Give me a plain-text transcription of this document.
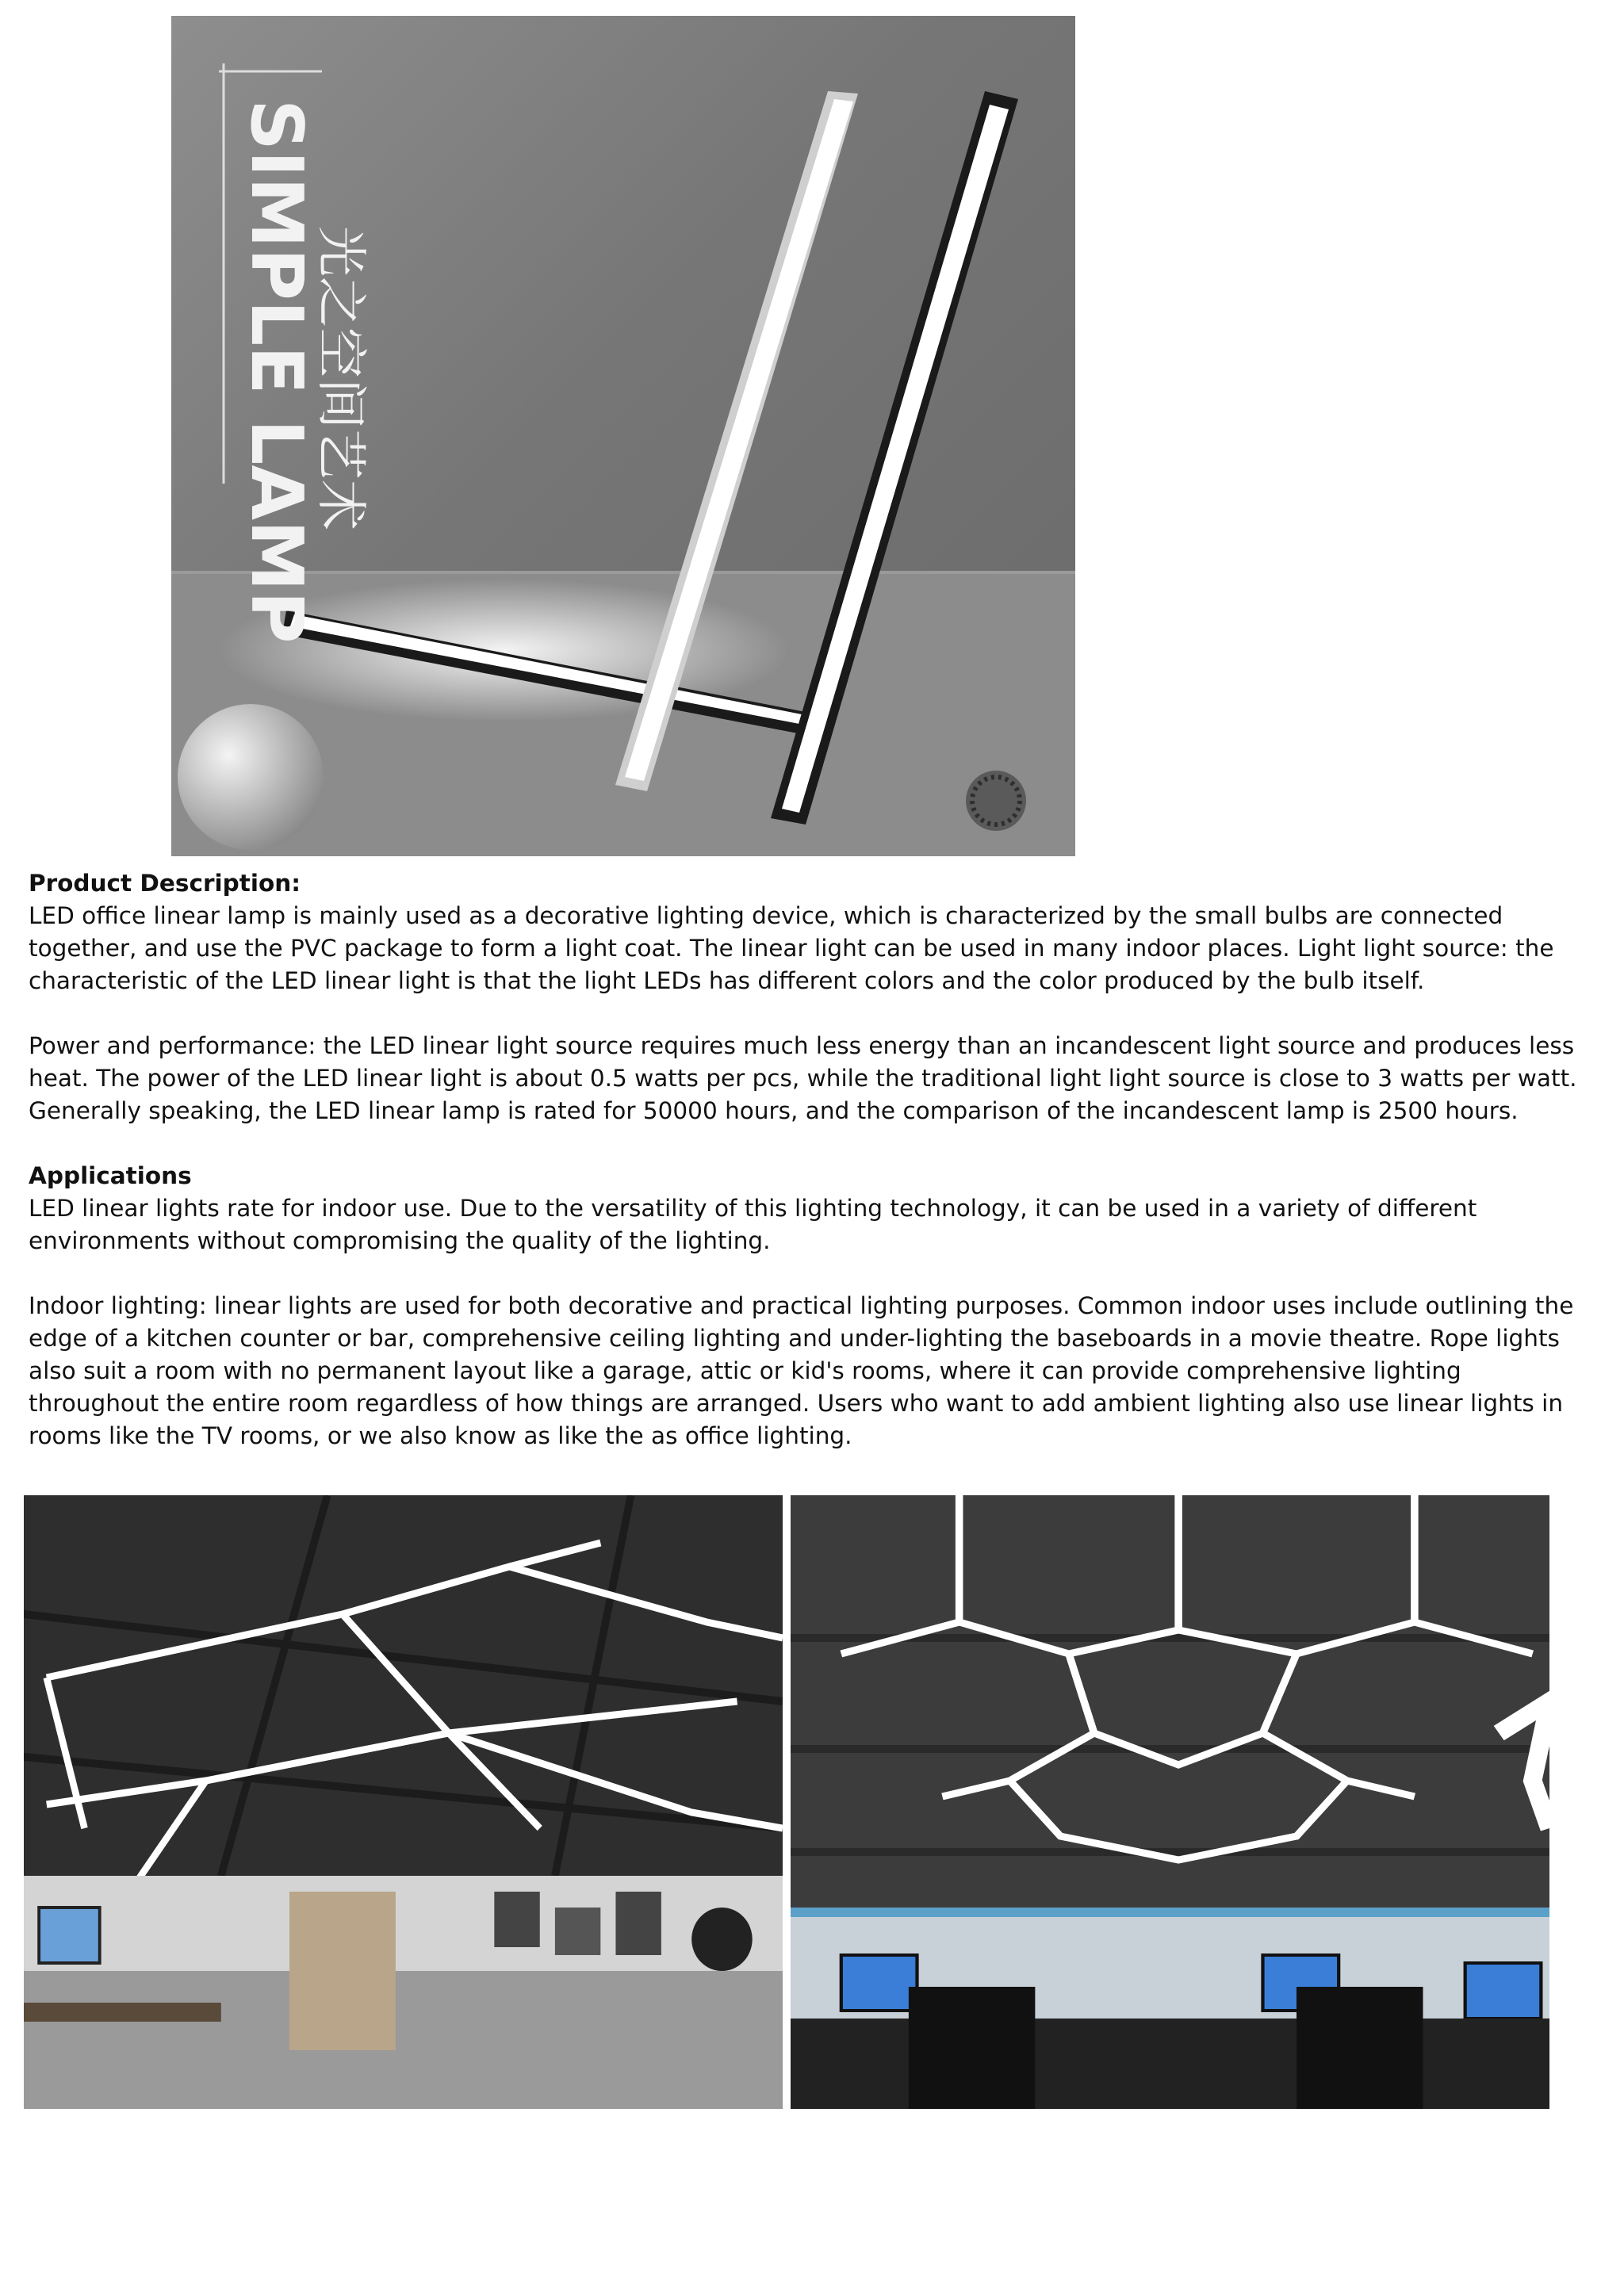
SIMPLE LAMP
光之空间艺术

Product Description:

LED office linear lamp is mainly used as a decorative lighting device, which is characterized by the small bulbs are connected together, and use the PVC package to form a light coat. The linear light can be used in many indoor places. Light light source: the characteristic of the LED linear light is that the light LEDs has different colors and the color produced by the bulb itself.

Power and performance: the LED linear light source requires much less energy than an incandescent light source and produces less heat. The power of the LED linear light is about 0.5 watts per pcs, while the traditional light light source is close to 3 watts per watt. Generally speaking, the LED linear lamp is rated for 50000 hours, and the comparison of the incandescent lamp is 2500 hours.

Applications

LED linear lights rate for indoor use. Due to the versatility of this lighting technology, it can be used in a variety of different environments without compromising the quality of the lighting.

Indoor lighting: linear lights are used for both decorative and practical lighting purposes. Common indoor uses include outlining the edge of a kitchen counter or bar, comprehensive ceiling lighting and under-lighting the baseboards in a movie theatre. Rope lights also suit a room with no permanent layout like a garage, attic or kid's rooms, where it can provide comprehensive lighting throughout the entire room regardless of how things are arranged. Users who want to add ambient lighting also use linear lights in rooms like the TV rooms, or we also know as like the as office lighting.
